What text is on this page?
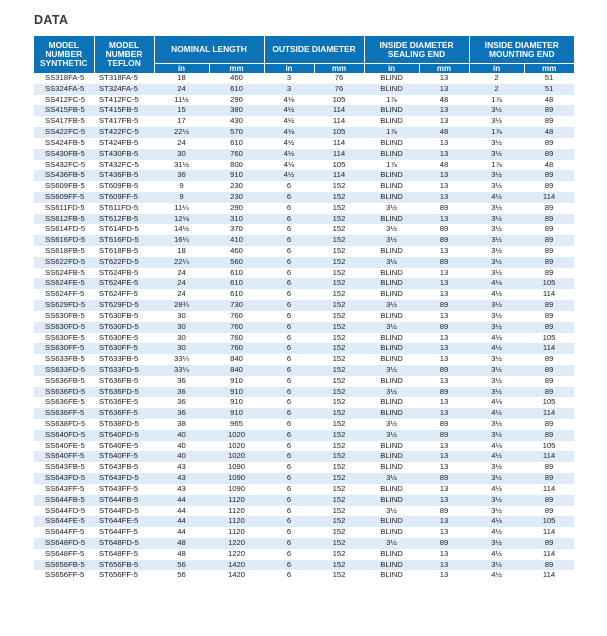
DATA
MODEL NUMBER SYNTHETIC	MODEL NUMBER TEFLON	NOMINAL LENGTH		OUTSIDE DIAMETER		INSIDE DIAMETER SEALING END		INSIDE DIAMETER MOUNTING END	
		in	mm	in	mm	in	mm	in	mm
SS318FA-5	ST318FA-5	18	460	3	76	BLIND	13	2	51
SS324FA-5	ST324FA-5	24	610	3	76	BLIND	13	2	51
SS412FC-5	ST412FC-5	11½	290	4⅛	105	1⅞	48	1⅞	48
SS415FB-5	ST415FB-5	15	380	4½	114	BLIND	13	3½	89
SS417FB-5	ST417FB-5	17	430	4½	114	BLIND	13	3½	89
SS422FC-5	ST422FC-5	22½	570	4⅛	105	1⅞	48	1⅞	48
SS424FB-5	ST424FB-5	24	610	4½	114	BLIND	13	3½	89
SS430FB-5	ST430FB-5	30	760	4½	114	BLIND	13	3½	89
SS432FC-5	ST432FC-5	31½	800	4⅛	105	1⅞	48	1⅞	48
SS436FB-5	ST436FB-5	36	910	4½	114	BLIND	13	3½	89
SS609FB-5	ST609FB-5	9	230	6	152	BLIND	13	3½	89
SS609FF-5	ST609FF-5	9	230	6	152	BLIND	13	4½	114
SS611FD-5	ST611FD-5	11¼	290	6	152	3½	89	3½	89
SS612FB-5	ST612FB-5	12⅛	310	6	152	BLIND	13	3½	89
SS614FD-5	ST614FD-5	14½	370	6	152	3½	89	3½	89
SS616FD-5	ST616FD-5	16¼	410	6	152	3½	89	3½	89
SS618FB-5	ST618FB-5	18	460	6	152	BLIND	13	3½	89
SS622FD-5	ST622FD-5	22¼	560	6	152	3½	89	3½	89
SS624FB-5	ST624FB-5	24	610	6	152	BLIND	13	3½	89
SS624FE-5	ST624FE-5	24	610	6	152	BLIND	13	4⅛	105
SS624FF-5	ST624FF-5	24	610	6	152	BLIND	13	4½	114
SS629FD-5	ST629FD-5	28¾	730	6	152	3½	89	3½	89
SS630FB-5	ST630FB-5	30	760	6	152	BLIND	13	3½	89
SS630FD-5	ST630FD-5	30	760	6	152	3½	89	3½	89
SS630FE-5	ST630FE-5	30	760	6	152	BLIND	13	4⅛	105
SS630FF-5	ST630FF-5	30	760	6	152	BLIND	13	4½	114
SS633FB-5	ST633FB-5	33¼	840	6	152	BLIND	13	3½	89
SS633FD-5	ST633FD-5	33¼	840	6	152	3½	89	3½	89
SS636FB-5	ST636FB-5	36	910	6	152	BLIND	13	3½	89
SS636FD-5	ST636FD-5	36	910	6	152	3½	89	3½	89
SS636FE-5	ST636FE-5	36	910	6	152	BLIND	13	4⅛	105
SS636FF-5	ST636FF-5	36	910	6	152	BLIND	13	4½	114
SS638FD-5	ST638FD-5	38	965	6	152	3½	89	3½	89
SS640FD-5	ST640FD-5	40	1020	6	152	3½	89	3½	89
SS640FE-5	ST640FE-5	40	1020	6	152	BLIND	13	4⅛	105
SS640FF-5	ST640FF-5	40	1020	6	152	BLIND	13	4½	114
SS643FB-5	ST643FB-5	43	1090	6	152	BLIND	13	3½	89
SS643FD-5	ST643FD-5	43	1090	6	152	3½	89	3½	89
SS643FF-5	ST643FF-5	43	1090	6	152	BLIND	13	4½	114
SS644FB-5	ST644FB-5	44	1120	6	152	BLIND	13	3½	89
SS644FD-5	ST644FD-5	44	1120	6	152	3½	89	3½	89
SS644FE-5	ST644FE-5	44	1120	6	152	BLIND	13	4⅛	105
SS644FF-5	ST644FF-5	44	1120	6	152	BLIND	13	4½	114
SS648FD-5	ST648FD-5	48	1220	6	152	3½	89	3½	89
SS648FF-5	ST648FF-5	48	1220	6	152	BLIND	13	4½	114
SS656FB-5	ST656FB-5	56	1420	6	152	BLIND	13	3½	89
SS656FF-5	ST656FF-5	56	1420	6	152	BLIND	13	4½	114
